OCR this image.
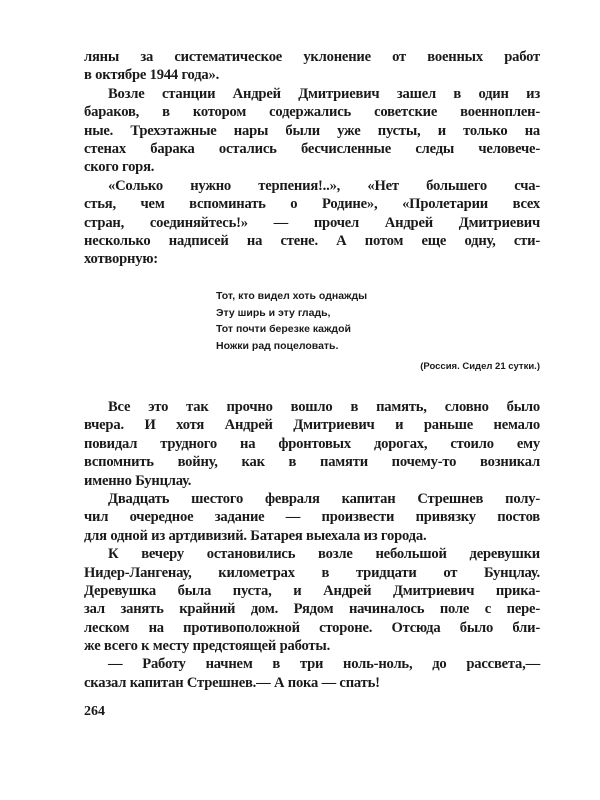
ляны за систематическое уклонение от военных работ
в октябре 1944 года».
Возле станции Андрей Дмитриевич зашел в один из
бараков, в котором содержались советские военноплен-
ные. Трехэтажные нары были уже пусты, и только на
стенах барака остались бесчисленные следы человече-
ского горя.
«Солько нужно терпения!..», «Нет большего сча-
стья, чем вспоминать о Родине», «Пролетарии всех
стран, соединяйтесь!» — прочел Андрей Дмитриевич
несколько надписей на стене. А потом еще одну, сти-
хотворную:
Тот, кто видел хоть однажды
Эту ширь и эту гладь,
Тот почти березке каждой
Ножки рад поцеловать.
(Россия. Сидел 21 сутки.)
Все это так прочно вошло в память, словно было
вчера. И хотя Андрей Дмитриевич и раньше немало
повидал трудного на фронтовых дорогах, стоило ему
вспомнить войну, как в памяти почему-то возникал
именно Бунцлау.
Двадцать шестого февраля капитан Стрешнев полу-
чил очередное задание — произвести привязку постов
для одной из артдивизий. Батарея выехала из города.
К вечеру остановились возле небольшой деревушки
Нидер-Лангенау, километрах в тридцати от Бунцлау.
Деревушка была пуста, и Андрей Дмитриевич прика-
зал занять крайний дом. Рядом начиналось поле с пере-
леском на противоположной стороне. Отсюда было бли-
же всего к месту предстоящей работы.
— Работу начнем в три ноль-ноль, до рассвета,—
сказал капитан Стрешнев.— А пока — спать!
264
